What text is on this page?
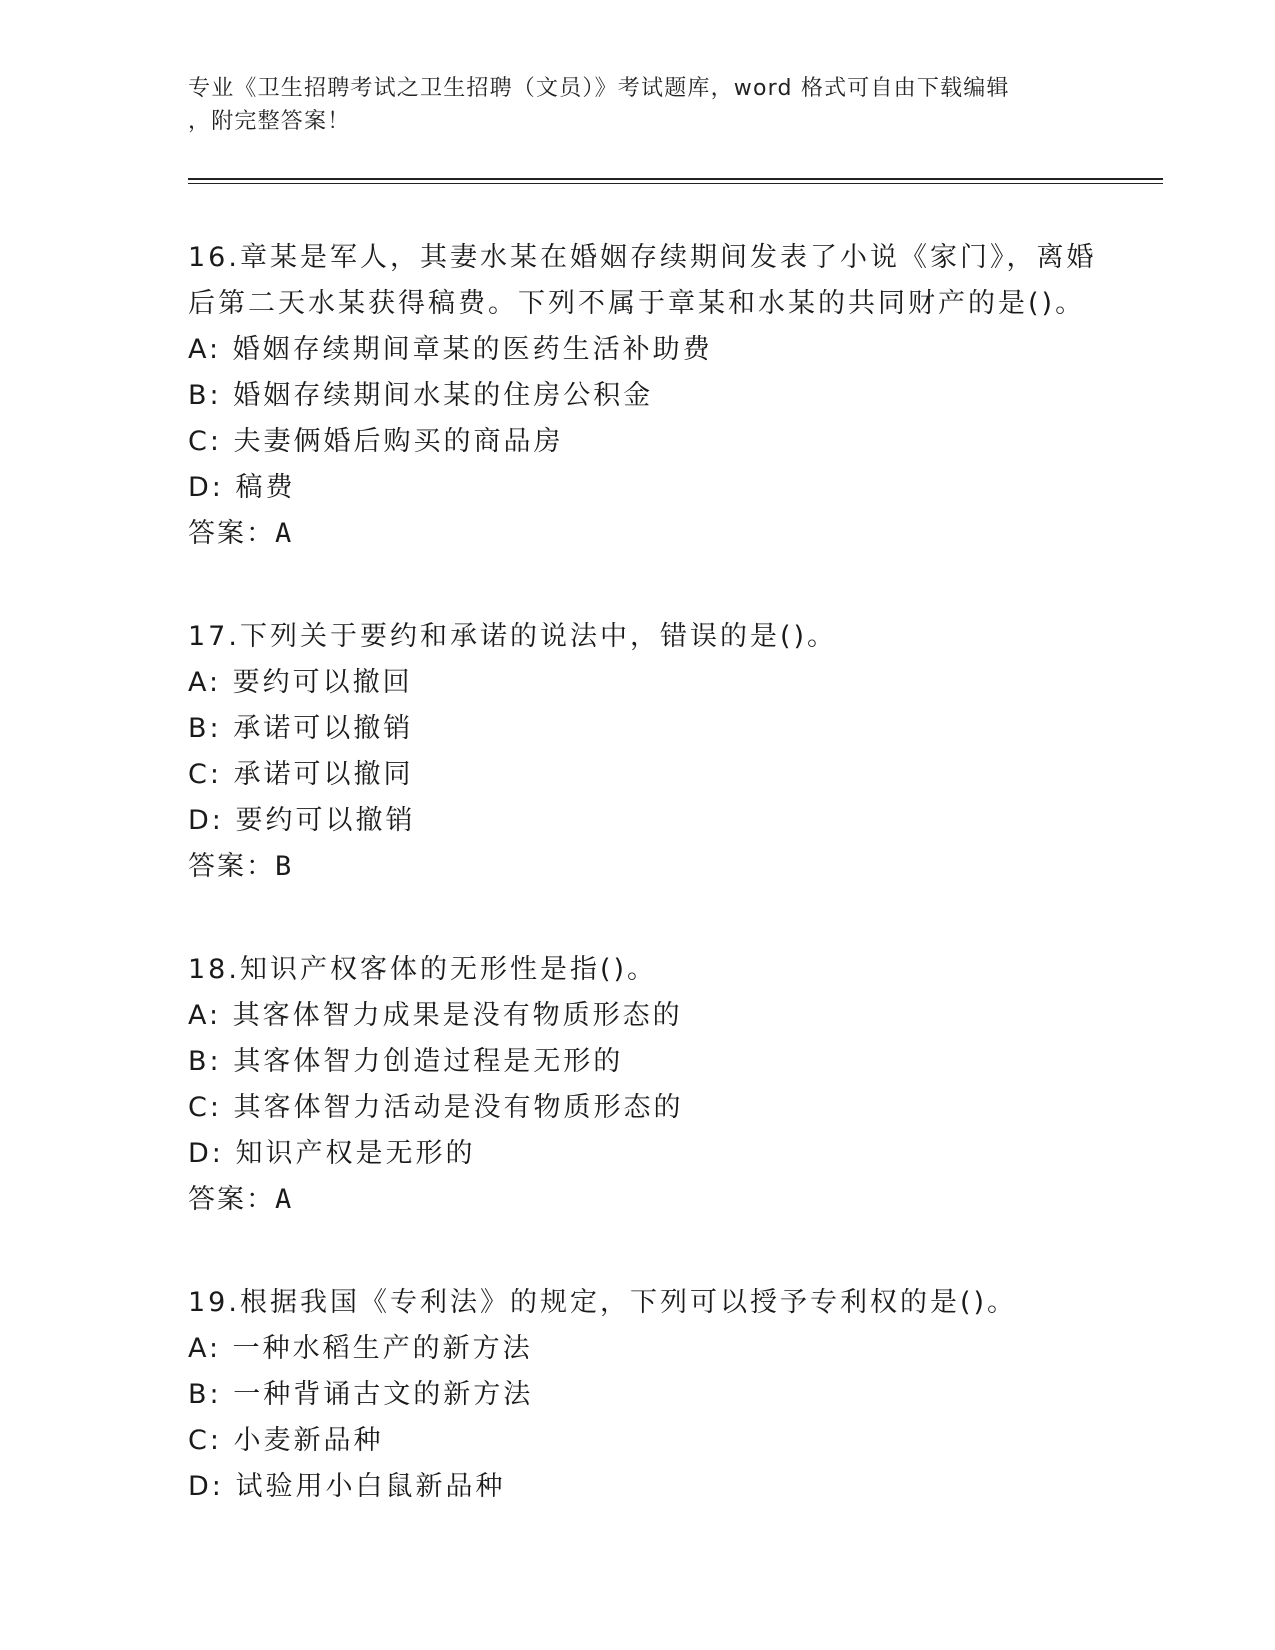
专业《卫生招聘考试之卫生招聘（文员）》考试题库，word 格式可自由下载编辑
，附完整答案！
16.章某是军人，其妻水某在婚姻存续期间发表了小说《家门》，离婚
后第二天水某获得稿费。下列不属于章某和水某的共同财产的是()。
A: 婚姻存续期间章某的医药生活补助费
B: 婚姻存续期间水某的住房公积金
C: 夫妻俩婚后购买的商品房
D: 稿费
答案：A
17.下列关于要约和承诺的说法中，错误的是()。
A: 要约可以撤回
B: 承诺可以撤销
C: 承诺可以撤同
D: 要约可以撤销
答案：B
18.知识产权客体的无形性是指()。
A: 其客体智力成果是没有物质形态的
B: 其客体智力创造过程是无形的
C: 其客体智力活动是没有物质形态的
D: 知识产权是无形的
答案：A
19.根据我国《专利法》的规定，下列可以授予专利权的是()。
A: 一种水稻生产的新方法
B: 一种背诵古文的新方法
C: 小麦新品种
D: 试验用小白鼠新品种
